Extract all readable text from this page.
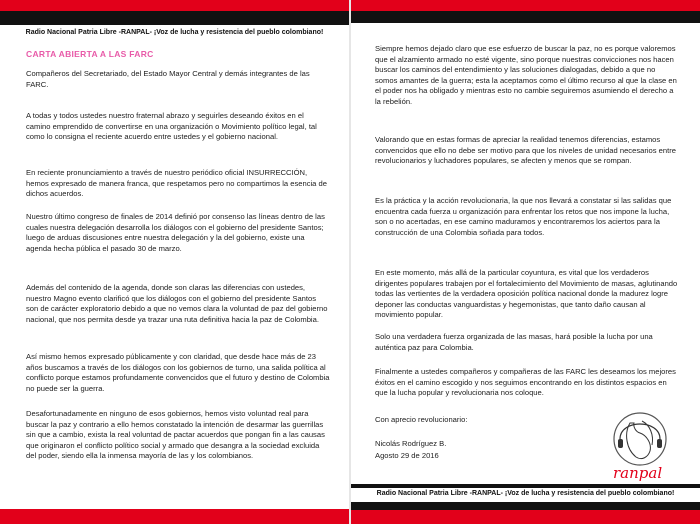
Radio Nacional Patria Libre -RANPAL- ¡Voz de lucha y resistencia del pueblo colombiano!
CARTA ABIERTA A LAS FARC

Compañeros del Secretariado, del Estado Mayor Central y demás integrantes de las FARC.

A todas y todos ustedes nuestro fraternal abrazo y seguirles deseando éxitos en el camino emprendido de convertirse en una organización o Movimiento político legal, tal como lo consigna el reciente acuerdo entre ustedes y el gobierno nacional.

En reciente pronunciamiento a través de nuestro periódico oficial INSURRECCIÓN, hemos expresado de manera franca, que respetamos pero no compartimos la esencia de dichos acuerdos.

Nuestro último congreso de finales de 2014 definió por consenso las líneas dentro de las cuales nuestra delegación desarrolla los diálogos con el gobierno del presidente Santos; luego de arduas discusiones entre nuestra delegación y la del gobierno, existe una agenda hecha pública el pasado 30 de marzo.

Además del contenido de la agenda, donde son claras las diferencias con ustedes, nuestro Magno evento clarificó que los diálogos con el gobierno del presidente Santos son de carácter exploratorio debido a que no vemos clara la voluntad de paz del gobierno nacional, que nos permita desde ya trazar una ruta definitiva hacia la paz de Colombia.

Así mismo hemos expresado públicamente y con claridad, que desde hace más de 23 años buscamos a través de los diálogos con los gobiernos de turno, una salida política al conflicto porque estamos profundamente convencidos que el futuro y destino de Colombia no puede ser la guerra.

Desafortunadamente en ninguno de esos gobiernos, hemos visto voluntad real para buscar la paz y contrario a ello hemos constatado la intención de desarmar las guerrillas sin que a cambio, exista la real voluntad de pactar acuerdos que pongan fin a las causas que originaron el conflicto político social y armado que desangra a la sociedad excluida del poder, siendo ella la inmensa mayoría de las y los colombianos.

Siempre hemos dejado claro que ese esfuerzo de buscar la paz, no es porque valoremos que el alzamiento armado no esté vigente, sino porque nuestras convicciones nos hacen buscar los caminos del entendimiento y las soluciones dialogadas, debido a que no somos amantes de la guerra; esta la aceptamos como el último recurso al que la clase en el poder nos ha obligado y mientras esto no cambie seguiremos asumiendo el derecho a la rebelión.

Valorando que en estas formas de apreciar la realidad tenemos diferencias, estamos convencidos que ello no debe ser motivo para que los niveles de unidad necesarios entre revolucionarios y luchadores populares, se afecten y menos que se rompan.

Es la práctica y la acción revolucionaria, la que nos llevará a constatar si las salidas que encuentra cada fuerza u organización para enfrentar los retos que nos impone la lucha, son o no acertadas, en ese camino maduramos y encontraremos los aciertos para la construcción de una Colombia soñada para todos.

En este momento, más allá de la particular coyuntura, es vital que los verdaderos dirigentes populares trabajen por el fortalecimiento del Movimiento de masas, aglutinando todas las vertientes de la verdadera oposición política nacional donde la madurez logre deponer las conductas vanguardistas y hegemonistas, que tanto daño causan al movimiento popular.

Solo una verdadera fuerza organizada de las masas, hará posible la lucha por una auténtica paz para Colombia.

Finalmente a ustedes compañeros y compañeras de las FARC les deseamos los mejores éxitos en el camino escogido y nos seguimos encontrando en los distintos espacios en que la lucha popular y revolucionaria nos coloque.

Con aprecio revolucionario:
Nicolás Rodríguez B.
Agosto 29 de 2016
ranpal
Radio Nacional Patria Libre -RANPAL- ¡Voz de lucha y resistencia del pueblo colombiano!
